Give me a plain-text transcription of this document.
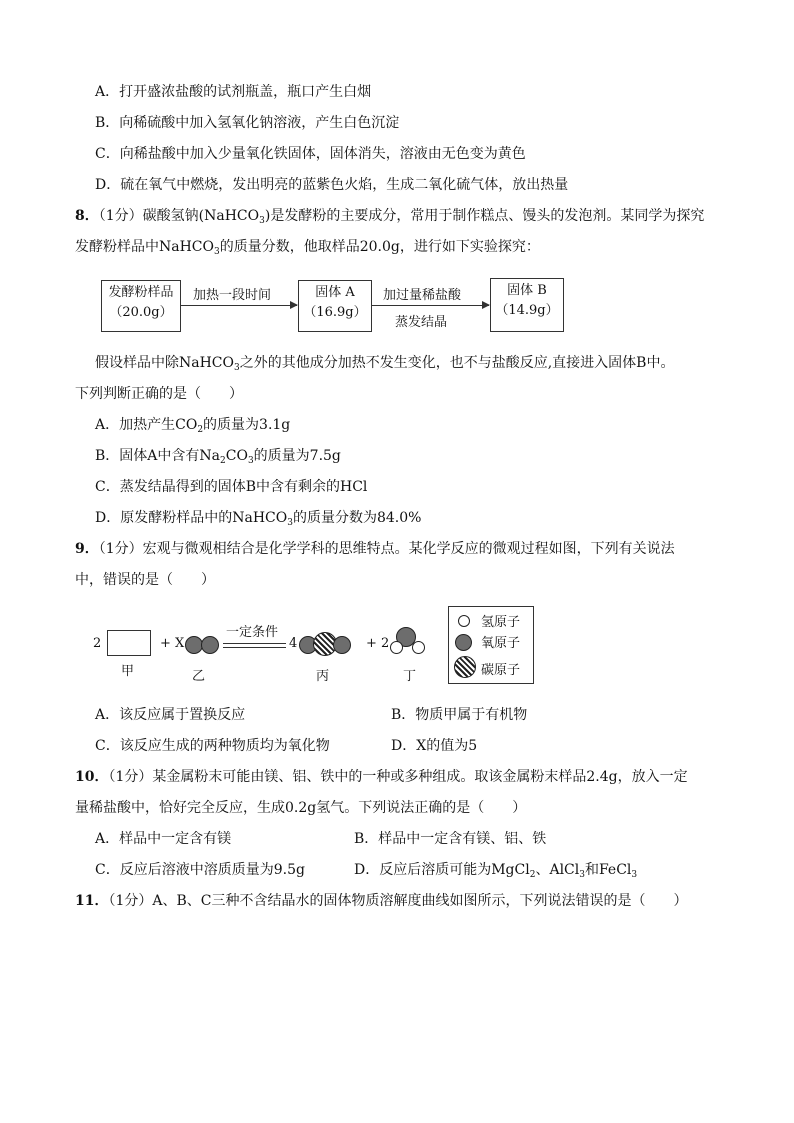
A．打开盛浓盐酸的试剂瓶盖，瓶口产生白烟
B．向稀硫酸中加入氢氧化钠溶液，产生白色沉淀
C．向稀盐酸中加入少量氧化铁固体，固体消失，溶液由无色变为黄色
D．硫在氧气中燃烧，发出明亮的蓝紫色火焰，生成二氧化硫气体，放出热量
8．（1分）碳酸氢钠(NaHCO$_3$)是发酵粉的主要成分，常用于制作糕点、馒头的发泡剂。某同学为探究
发酵粉样品中NaHCO$_3$的质量分数，他取样品20.0g，进行如下实验探究：
发酵粉样品
（20.0g）
加热一段时间	固体 A
（16.9g）
加过量稀盐酸
蒸发结晶
固体 B
（14.9g）
假设样品中除NaHCO$_3$之外的其他成分加热不发生变化，也不与盐酸反应,直接进入固体B中。
下列判断正确的是（　　）
A．加热产生$CO_2$的质量为3.1g
B．固体A中含有$Na_2CO_3$的质量为7.5g
C．蒸发结晶得到的固体B中含有剩余的HCl
D．原发酵粉样品中的NaHCO$_3$的质量分数为84.0%
9．（1分）宏观与微观相结合是化学学科的思维特点。某化学反应的微观过程如图，下列有关说法
中，错误的是（　　）
2
甲
+ X
乙
一定条件
4
丙
+ 2
丁
氢原子
氧原子
碳原子
A．该反应属于置换反应	B．物质甲属于有机物
C．该反应生成的两种物质均为氧化物	D．X的值为5
10．（1分）某金属粉末可能由镁、铝、铁中的一种或多种组成。取该金属粉末样品2.4g，放入一定
量稀盐酸中，恰好完全反应，生成0.2g氢气。下列说法正确的是（　　）
A．样品中一定含有镁	B．样品中一定含有镁、铝、铁
C．反应后溶液中溶质质量为9.5g	D．反应后溶质可能为MgCl$_2$、AlCl$_3$和FeCl$_3$
11．（1分）A、B、C三种不含结晶水的固体物质溶解度曲线如图所示，下列说法错误的是（　　）
